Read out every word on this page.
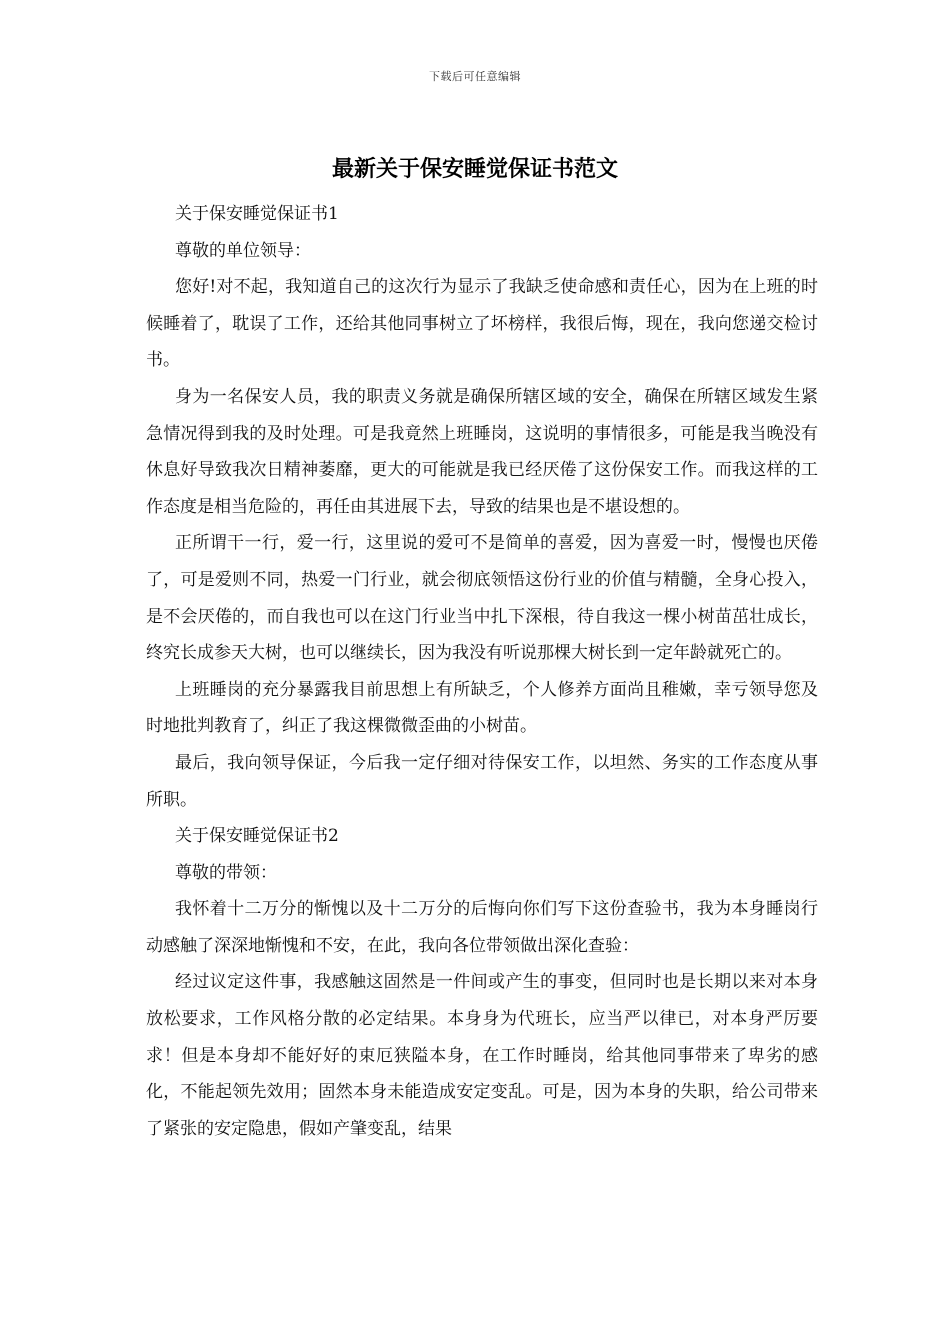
下载后可任意编辑
最新关于保安睡觉保证书范文

关于保安睡觉保证书1

尊敬的单位领导：

您好!对不起，我知道自己的这次行为显示了我缺乏使命感和责任心，因为在上班的时候睡着了，耽误了工作，还给其他同事树立了坏榜样，我很后悔，现在，我向您递交检讨书。

身为一名保安人员，我的职责义务就是确保所辖区域的安全，确保在所辖区域发生紧急情况得到我的及时处理。可是我竟然上班睡岗，这说明的事情很多，可能是我当晚没有休息好导致我次日精神萎靡，更大的可能就是我已经厌倦了这份保安工作。而我这样的工作态度是相当危险的，再任由其进展下去，导致的结果也是不堪设想的。

正所谓干一行，爱一行，这里说的爱可不是简单的喜爱，因为喜爱一时，慢慢也厌倦了，可是爱则不同，热爱一门行业，就会彻底领悟这份行业的价值与精髓，全身心投入，是不会厌倦的，而自我也可以在这门行业当中扎下深根，待自我这一棵小树苗茁壮成长，终究长成参天大树，也可以继续长，因为我没有听说那棵大树长到一定年龄就死亡的。

上班睡岗的充分暴露我目前思想上有所缺乏，个人修养方面尚且稚嫩，幸亏领导您及时地批判教育了，纠正了我这棵微微歪曲的小树苗。

最后，我向领导保证，今后我一定仔细对待保安工作，以坦然、务实的工作态度从事所职。

关于保安睡觉保证书2

尊敬的带领：

我怀着十二万分的惭愧以及十二万分的后悔向你们写下这份查验书，我为本身睡岗行动感触了深深地惭愧和不安，在此，我向各位带领做出深化查验：

经过议定这件事，我感触这固然是一件间或产生的事变，但同时也是长期以来对本身放松要求，工作风格分散的必定结果。本身身为代班长，应当严以律已，对本身严厉要求！但是本身却不能好好的束厄狭隘本身，在工作时睡岗，给其他同事带来了卑劣的感化，不能起领先效用；固然本身未能造成安定变乱。可是，因为本身的失职，给公司带来了紧张的安定隐患，假如产肇变乱，结果
